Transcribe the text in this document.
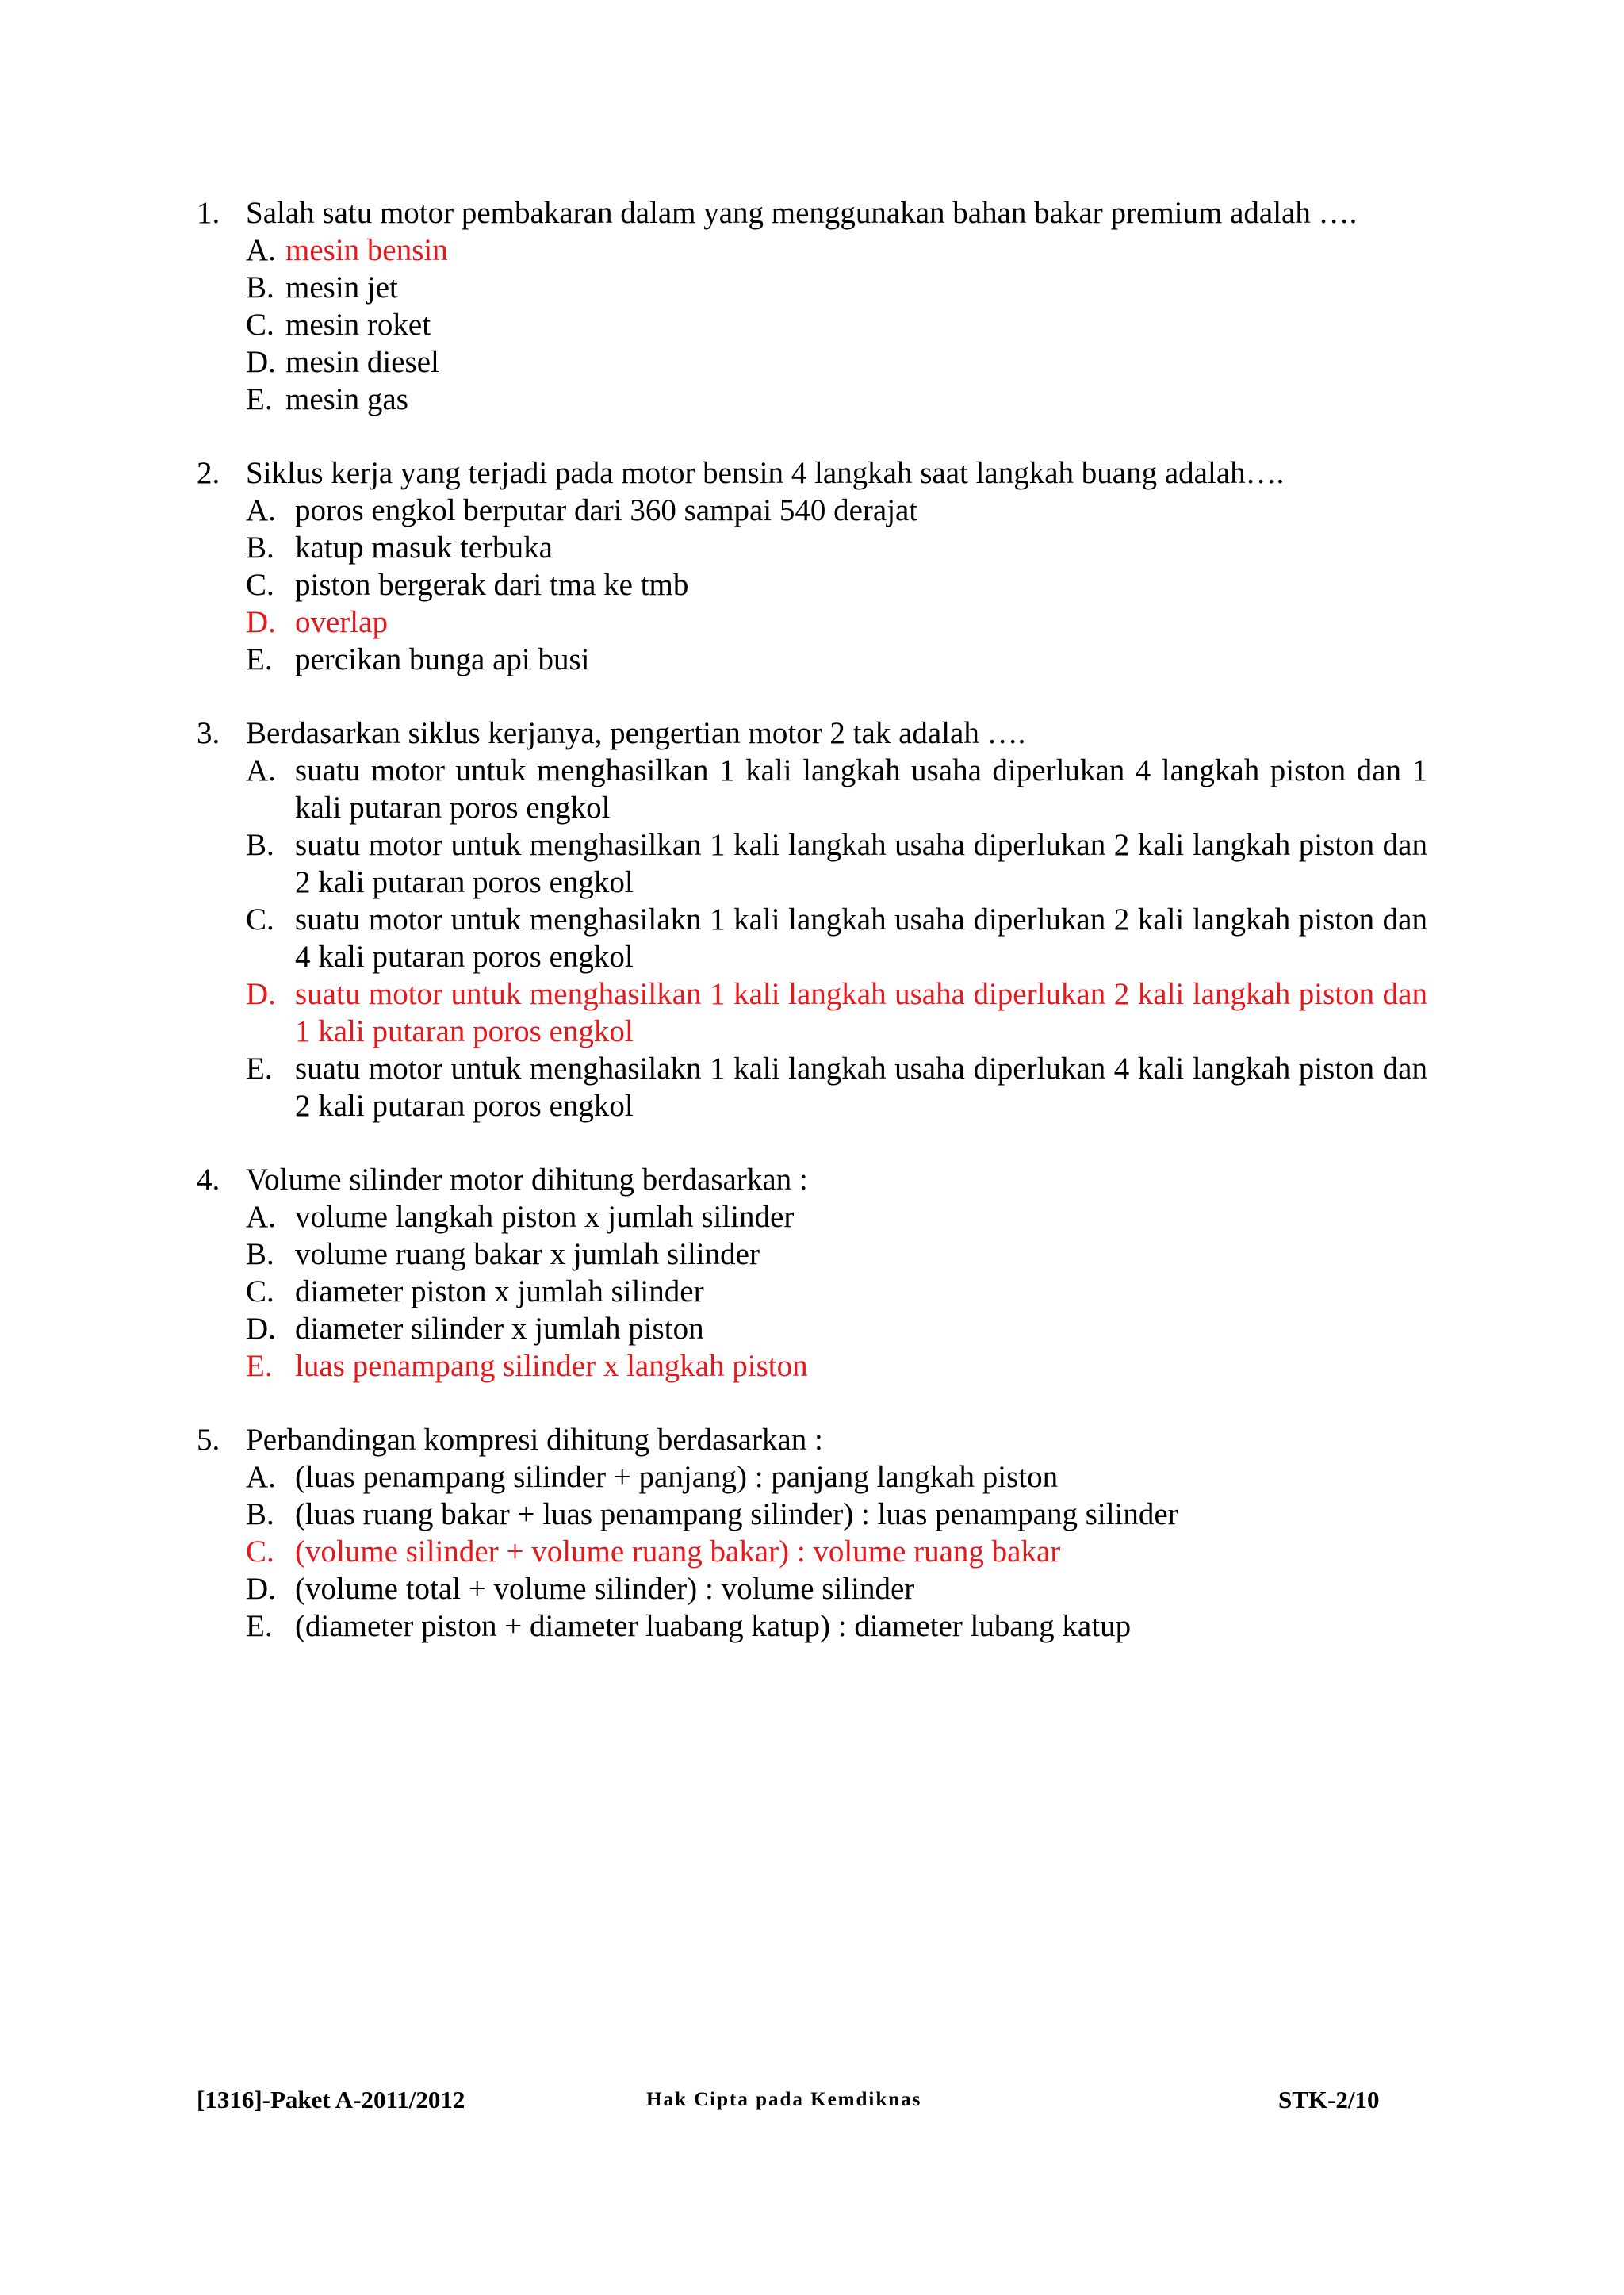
1. Salah satu motor pembakaran dalam yang menggunakan bahan bakar premium adalah ….
A. mesin bensin
B. mesin jet
C. mesin roket
D. mesin diesel
E. mesin gas
2. Siklus kerja yang terjadi pada motor bensin 4 langkah saat langkah buang adalah….
A. poros engkol berputar dari 360 sampai 540 derajat
B. katup masuk terbuka
C. piston bergerak dari tma ke tmb
D. overlap
E. percikan bunga api busi
3. Berdasarkan siklus kerjanya, pengertian motor 2 tak adalah ….
A. suatu motor untuk menghasilkan 1 kali langkah usaha diperlukan 4 langkah piston dan 1 kali putaran poros engkol
B. suatu motor untuk menghasilkan 1 kali langkah usaha diperlukan 2 kali langkah piston dan 2 kali putaran poros engkol
C. suatu motor untuk menghasilakn 1 kali langkah usaha diperlukan 2 kali langkah piston dan 4 kali putaran poros engkol
D. suatu motor untuk menghasilkan 1 kali langkah usaha diperlukan 2 kali langkah piston dan 1 kali putaran poros engkol
E. suatu motor untuk menghasilakn 1 kali langkah usaha diperlukan 4 kali langkah piston dan 2 kali putaran poros engkol
4. Volume silinder motor dihitung berdasarkan :
A. volume langkah piston x jumlah silinder
B. volume ruang bakar x jumlah silinder
C. diameter piston x jumlah silinder
D. diameter silinder x jumlah piston
E. luas penampang silinder x langkah piston
5. Perbandingan kompresi dihitung berdasarkan :
A. (luas penampang silinder + panjang) : panjang langkah piston
B. (luas ruang bakar + luas penampang silinder) : luas penampang silinder
C. (volume silinder + volume ruang bakar) : volume ruang bakar
D. (volume total + volume silinder) : volume silinder
E. (diameter piston + diameter luabang katup) : diameter lubang katup
[1316]-Paket A-2011/2012	Hak Cipta pada Kemdiknas	STK-2/10
